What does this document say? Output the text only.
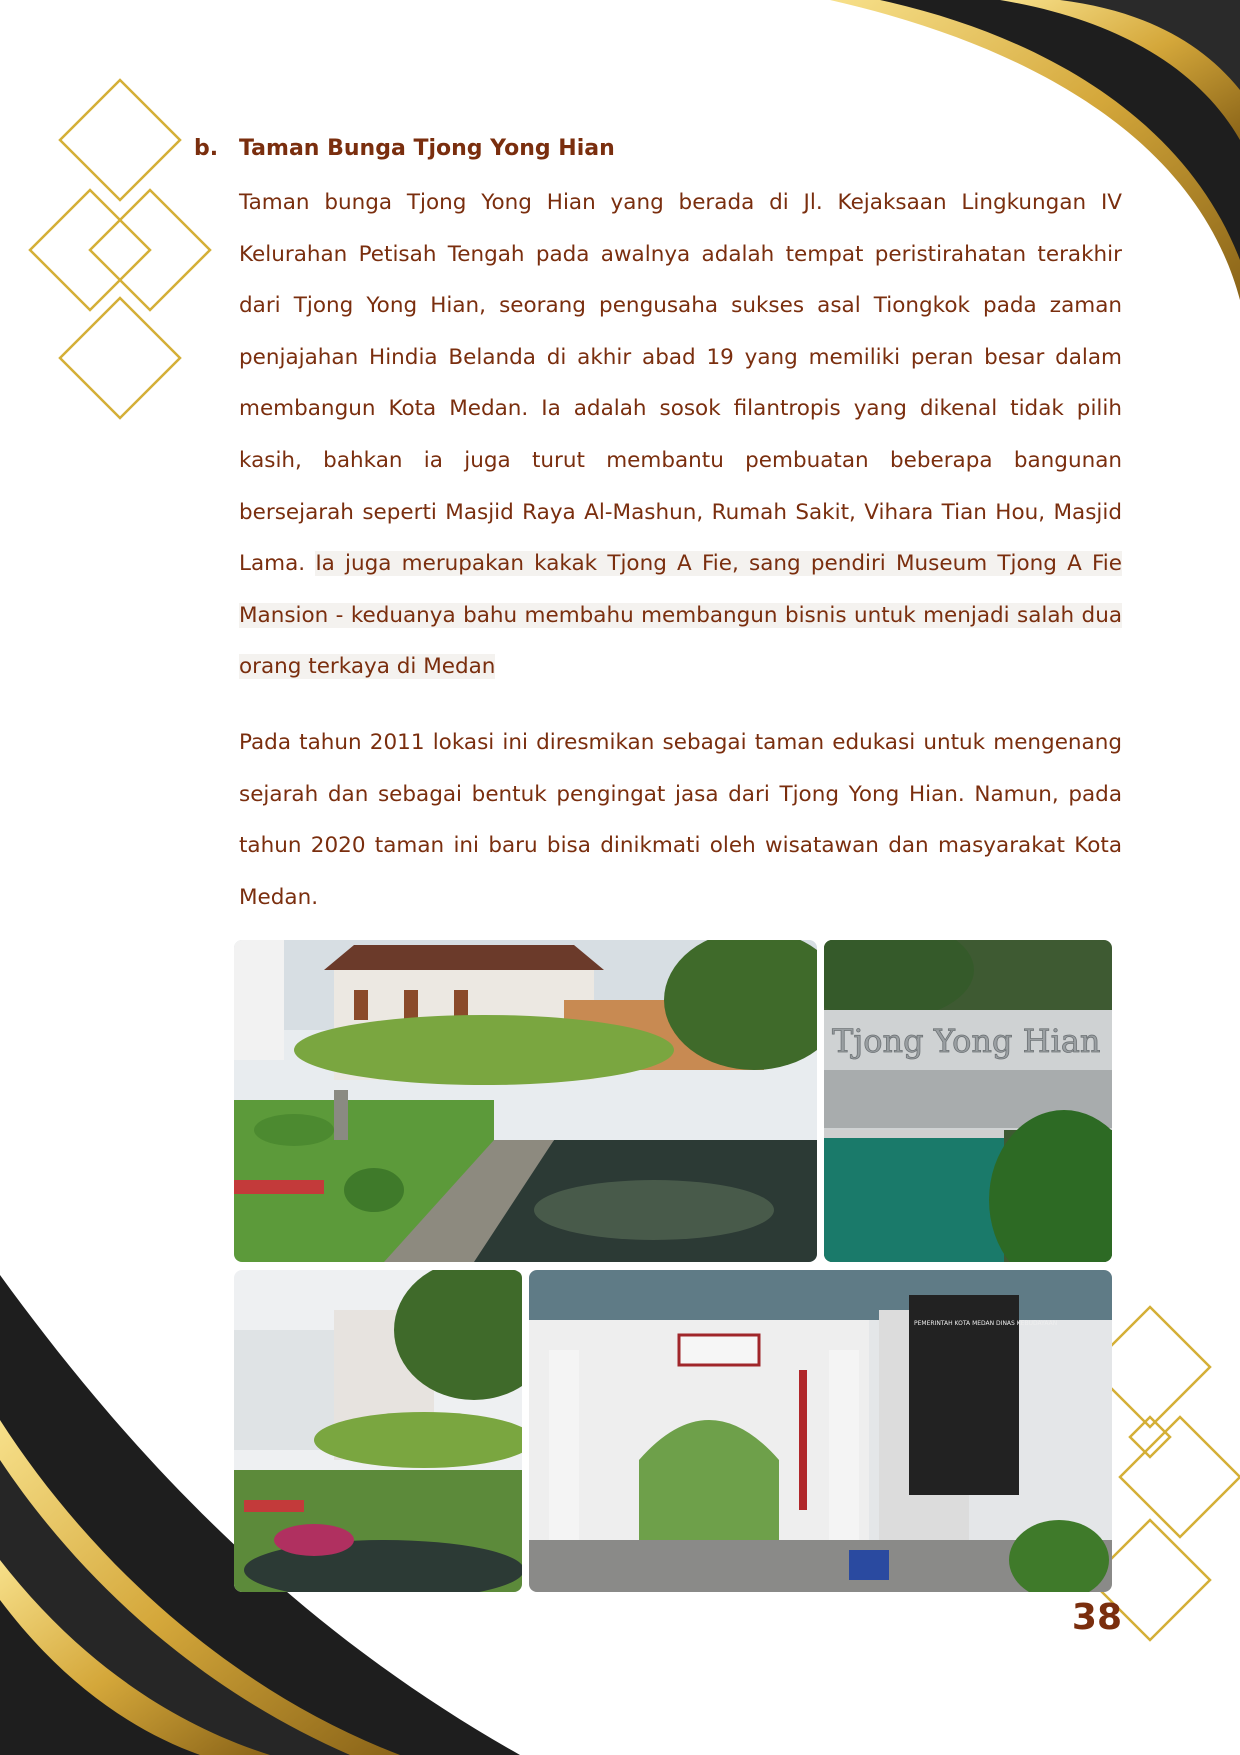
b. Taman Bunga Tjong Yong Hian

Taman bunga Tjong Yong Hian yang berada di Jl. Kejaksaan Lingkungan IV Kelurahan Petisah Tengah pada awalnya adalah tempat peristirahatan terakhir dari Tjong Yong Hian, seorang pengusaha sukses asal Tiongkok pada zaman penjajahan Hindia Belanda di akhir abad 19 yang memiliki peran besar dalam membangun Kota Medan. Ia adalah sosok filantropis yang dikenal tidak pilih kasih, bahkan ia juga turut membantu pembuatan beberapa bangunan bersejarah seperti Masjid Raya Al-Mashun, Rumah Sakit, Vihara Tian Hou, Masjid Lama. Ia juga merupakan kakak Tjong A Fie, sang pendiri Museum Tjong A Fie Mansion - keduanya bahu membahu membangun bisnis untuk menjadi salah dua orang terkaya di Medan

Pada tahun 2011 lokasi ini diresmikan sebagai taman edukasi untuk mengenang sejarah dan sebagai bentuk pengingat jasa dari Tjong Yong Hian. Namun, pada tahun 2020 taman ini baru bisa dinikmati oleh wisatawan dan masyarakat Kota Medan.

Tjong Yong Hian
PEMERINTAH KOTA MEDAN DINAS KEBUDAYAAN
38
